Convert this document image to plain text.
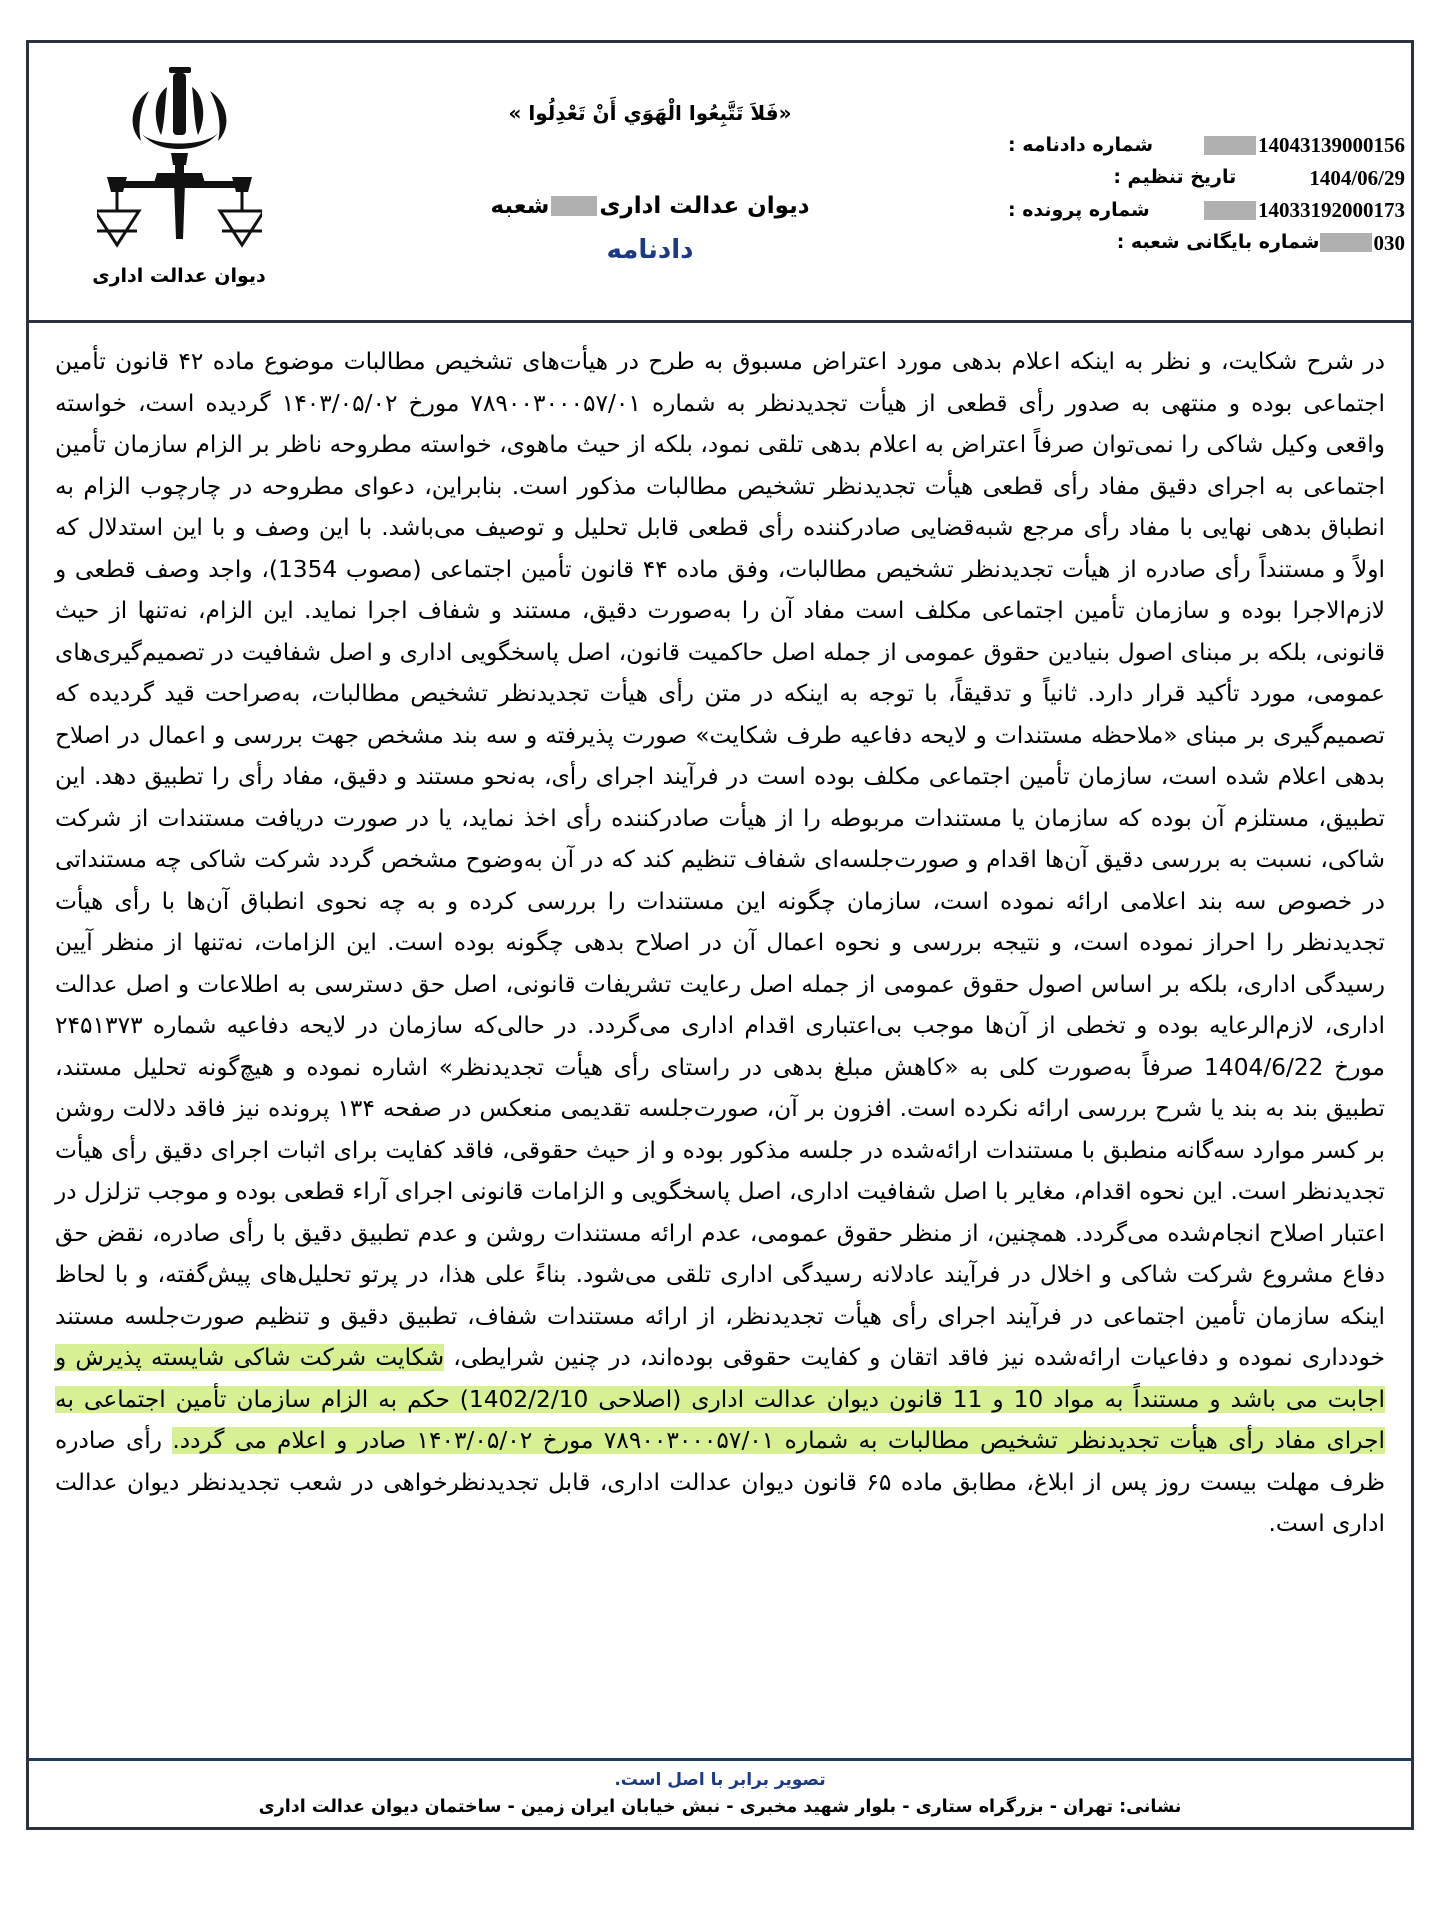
دیوان عدالت اداری
«فَلاَ تَتَّبِعُوا الْهَوَي أَنْ تَعْدِلُوا »
دیوان عدالت اداریشعبه
دادنامه
14043139000156
شماره دادنامه :
1404/06/29
تاریخ تنظیم :
14033192000173
شماره پرونده :
030
شماره بایگانی شعبه :

در شرح شکایت، و نظر به اینکه اعلام بدهی مورد اعتراض مسبوق به طرح در هیأت‌های تشخیص مطالبات موضوع ماده ۴۲ قانون تأمین اجتماعی بوده و منتهی به صدور رأی قطعی از هیأت تجدیدنظر به شماره ۷۸۹۰۰۳۰۰۰۵۷/۰۱ مورخ ۱۴۰۳/۰۵/۰۲ گردیده است، خواسته واقعی وکیل شاکی را نمی‌توان صرفاً اعتراض به اعلام بدهی تلقی نمود، بلکه از حیث ماهوی، خواسته مطروحه ناظر بر الزام سازمان تأمین اجتماعی به اجرای دقیق مفاد رأی قطعی هیأت تجدیدنظر تشخیص مطالبات مذکور است. بنابراین، دعوای مطروحه در چارچوب الزام به انطباق بدهی نهایی با مفاد رأی مرجع شبه‌قضایی صادرکننده رأی قطعی قابل تحلیل و توصیف می‌باشد. با این وصف و با این استدلال که اولاً و مستنداً رأی صادره از هیأت تجدیدنظر تشخیص مطالبات، وفق ماده ۴۴ قانون تأمین اجتماعی (مصوب 1354)، واجد وصف قطعی و لازم‌الاجرا بوده و سازمان تأمین اجتماعی مکلف است مفاد آن را به‌صورت دقیق، مستند و شفاف اجرا نماید. این الزام، نه‌تنها از حیث قانونی، بلکه بر مبنای اصول بنیادین حقوق عمومی از جمله اصل حاکمیت قانون، اصل پاسخگویی اداری و اصل شفافیت در تصمیم‌گیری‌های عمومی، مورد تأکید قرار دارد. ثانیاً و تدقیقاً، با توجه به اینکه در متن رأی هیأت تجدیدنظر تشخیص مطالبات، به‌صراحت قید گردیده که تصمیم‌گیری بر مبنای «ملاحظه مستندات و لایحه دفاعیه طرف شکایت» صورت پذیرفته و سه بند مشخص جهت بررسی و اعمال در اصلاح بدهی اعلام شده است، سازمان تأمین اجتماعی مکلف بوده است در فرآیند اجرای رأی، به‌نحو مستند و دقیق، مفاد رأی را تطبیق دهد. این تطبیق، مستلزم آن بوده که سازمان یا مستندات مربوطه را از هیأت صادرکننده رأی اخذ نماید، یا در صورت دریافت مستندات از شرکت شاکی، نسبت به بررسی دقیق آن‌ها اقدام و صورت‌جلسه‌ای شفاف تنظیم کند که در آن به‌وضوح مشخص گردد شرکت شاکی چه مستنداتی در خصوص سه بند اعلامی ارائه نموده است، سازمان چگونه این مستندات را بررسی کرده و به چه نحوی انطباق آن‌ها با رأی هیأت تجدیدنظر را احراز نموده است، و نتیجه بررسی و نحوه اعمال آن در اصلاح بدهی چگونه بوده است. این الزامات، نه‌تنها از منظر آیین رسیدگی اداری، بلکه بر اساس اصول حقوق عمومی از جمله اصل رعایت تشریفات قانونی، اصل حق دسترسی به اطلاعات و اصل عدالت اداری، لازم‌الرعایه بوده و تخطی از آن‌ها موجب بی‌اعتباری اقدام اداری می‌گردد. در حالی‌که سازمان در لایحه دفاعیه شماره ۲۴۵۱۳۷۳ مورخ 1404/6/22 صرفاً به‌صورت کلی به «کاهش مبلغ بدهی در راستای رأی هیأت تجدیدنظر» اشاره نموده و هیچ‌گونه تحلیل مستند، تطبیق بند به بند یا شرح بررسی ارائه نکرده است. افزون بر آن، صورت‌جلسه تقدیمی منعکس در صفحه ۱۳۴ پرونده نیز فاقد دلالت روشن بر کسر موارد سه‌گانه منطبق با مستندات ارائه‌شده در جلسه مذکور بوده و از حیث حقوقی، فاقد کفایت برای اثبات اجرای دقیق رأی هیأت تجدیدنظر است. این نحوه اقدام، مغایر با اصل شفافیت اداری، اصل پاسخگویی و الزامات قانونی اجرای آراء قطعی بوده و موجب تزلزل در اعتبار اصلاح انجام‌شده می‌گردد. همچنین، از منظر حقوق عمومی، عدم ارائه مستندات روشن و عدم تطبیق دقیق با رأی صادره، نقض حق دفاع مشروع شرکت شاکی و اخلال در فرآیند عادلانه رسیدگی اداری تلقی می‌شود. بناءً علی هذا، در پرتو تحلیل‌های پیش‌گفته، و با لحاظ اینکه سازمان تأمین اجتماعی در فرآیند اجرای رأی هیأت تجدیدنظر، از ارائه مستندات شفاف، تطبیق دقیق و تنظیم صورت‌جلسه مستند خودداری نموده و دفاعیات ارائه‌شده نیز فاقد اتقان و کفایت حقوقی بوده‌اند، در چنین شرایطی، شکایت شرکت شاکی شایسته پذیرش و اجابت می باشد و مستنداً به مواد 10 و 11 قانون دیوان عدالت اداری (اصلاحی 1402/2/10) حکم به الزام سازمان تأمین اجتماعی به اجرای مفاد رأی هیأت تجدیدنظر تشخیص مطالبات به شماره ۷۸۹۰۰۳۰۰۰۵۷/۰۱ مورخ ۱۴۰۳/۰۵/۰۲ صادر و اعلام می گردد. رأی صادره ظرف مهلت بیست روز پس از ابلاغ، مطابق ماده ۶۵ قانون دیوان عدالت اداری، قابل تجدیدنظرخواهی در شعب تجدیدنظر دیوان عدالت اداری است.

تصویر برابر با اصل است.
نشانی: تهران - بزرگراه ستاری - بلوار شهید مخبری - نبش خیابان ایران زمین - ساختمان دیوان عدالت اداری
